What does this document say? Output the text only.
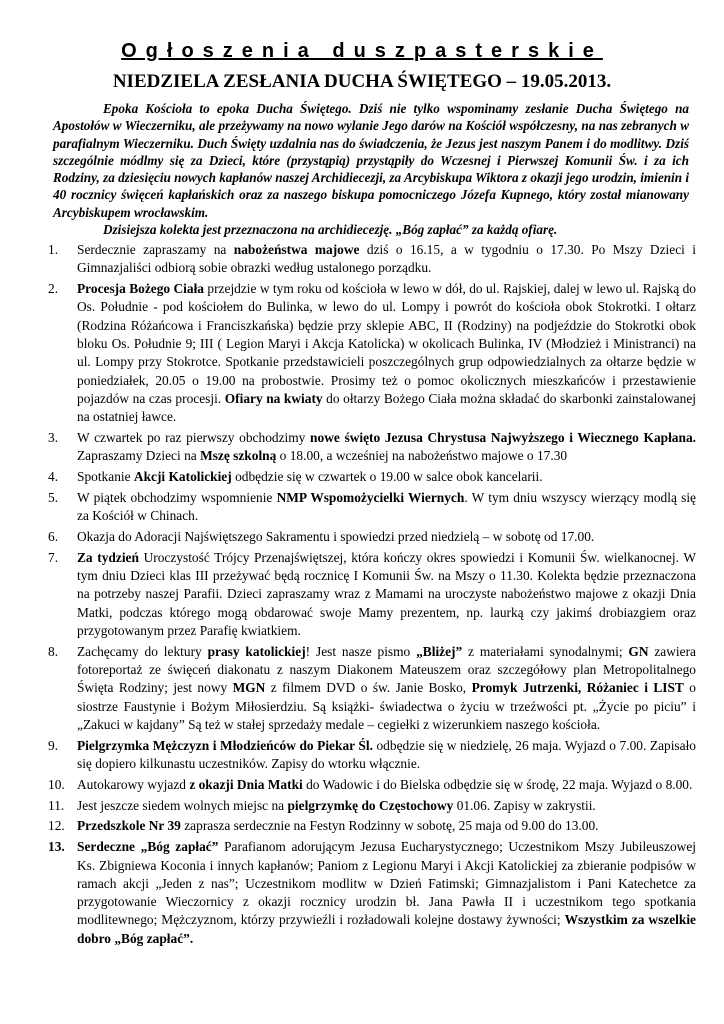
Ogłoszenia duszpasterskie
NIEDZIELA ZESŁANIA DUCHA ŚWIĘTEGO – 19.05.2013.

Epoka Kościoła to epoka Ducha Świętego. Dziś nie tylko wspominamy zesłanie Ducha Świętego na Apostołów w Wieczerniku, ale przeżywamy na nowo wylanie Jego darów na Kościół współczesny, na nas zebranych w parafialnym Wieczerniku. Duch Święty uzdalnia nas do świadczenia, że Jezus jest naszym Panem i do modlitwy. Dziś szczególnie módlmy się za Dzieci, które (przystąpią) przystąpiły do Wczesnej i Pierwszej Komunii Św. i za ich Rodziny, za dziesięciu nowych kapłanów naszej Archidiecezji, za Arcybiskupa Wiktora z okazji jego urodzin, imienin i 40 rocznicy święceń kapłańskich oraz za naszego biskupa pomocniczego Józefa Kupnego, który został mianowany Arcybiskupem wrocławskim.

Dzisiejsza kolekta jest przeznaczona na archidiecezję. „Bóg zapłać” za każdą ofiarę.

1.	Serdecznie zapraszamy na nabożeństwa majowe dziś o 16.15, a w tygodniu o 17.30. Po Mszy Dzieci i Gimnazjaliści odbiorą sobie obrazki według ustalonego porządku.
2.	Procesja Bożego Ciała przejdzie w tym roku od kościoła w lewo w dół, do ul. Rajskiej, dalej w lewo ul. Rajską do Os. Południe - pod kościołem do Bulinka, w lewo do ul. Lompy i powrót do kościoła obok Stokrotki. I ołtarz (Rodzina Różańcowa i Franciszkańska) będzie przy sklepie ABC, II (Rodziny) na podjeździe do Stokrotki obok bloku Os. Południe 9; III ( Legion Maryi i Akcja Katolicka) w okolicach Bulinka, IV (Młodzież i Ministranci) na ul. Lompy przy Stokrotce. Spotkanie przedstawicieli poszczególnych grup odpowiedzialnych za ołtarze będzie w poniedziałek, 20.05 o 19.00 na probostwie. Prosimy też o pomoc okolicznych mieszkańców i przestawienie pojazdów na czas procesji. Ofiary na kwiaty do ołtarzy Bożego Ciała można składać do skarbonki zainstalowanej na ostatniej ławce.
3.	W czwartek po raz pierwszy obchodzimy nowe święto Jezusa Chrystusa Najwyższego i Wiecznego Kapłana. Zapraszamy Dzieci na Mszę szkolną o 18.00, a wcześniej na nabożeństwo majowe o 17.30
4.	Spotkanie Akcji Katolickiej odbędzie się w czwartek o 19.00 w salce obok kancelarii.
5.	W piątek obchodzimy wspomnienie NMP Wspomożycielki Wiernych. W tym dniu wszyscy wierzący modlą się za Kościół w Chinach.
6.	Okazja do Adoracji Najświętszego Sakramentu i spowiedzi przed niedzielą – w sobotę od 17.00.
7.	Za tydzień Uroczystość Trójcy Przenajświętszej, która kończy okres spowiedzi i Komunii Św. wielkanocnej. W tym dniu Dzieci klas III przeżywać będą rocznicę I Komunii Św. na Mszy o 11.30. Kolekta będzie przeznaczona na potrzeby naszej Parafii. Dzieci zapraszamy wraz z Mamami na uroczyste nabożeństwo majowe z okazji Dnia Matki, podczas którego mogą obdarować swoje Mamy prezentem, np. laurką czy jakimś drobiazgiem oraz przygotowanym przez Parafię kwiatkiem.
8.	Zachęcamy do lektury prasy katolickiej! Jest nasze pismo „Bliżej” z materiałami synodalnymi; GN zawiera fotoreportaż ze święceń diakonatu z naszym Diakonem Mateuszem oraz szczegółowy plan Metropolitalnego Święta Rodziny; jest nowy MGN z filmem DVD o św. Janie Bosko, Promyk Jutrzenki, Różaniec i LIST o siostrze Faustynie i Bożym Miłosierdziu. Są książki- świadectwa o życiu w trzeźwości pt. „Życie po piciu” i „Zakuci w kajdany” Są też w stałej sprzedaży medale – cegiełki z wizerunkiem naszego kościoła.
9.	Pielgrzymka Mężczyzn i Młodzieńców do Piekar Śl. odbędzie się w niedzielę, 26 maja. Wyjazd o 7.00. Zapisało się dopiero kilkunastu uczestników. Zapisy do wtorku włącznie.
10. Autokarowy wyjazd z okazji Dnia Matki do Wadowic i do Bielska odbędzie się w środę, 22 maja. Wyjazd o 8.00.
11. Jest jeszcze siedem wolnych miejsc na pielgrzymkę do Częstochowy 01.06. Zapisy w zakrystii.
12. Przedszkole Nr 39 zaprasza serdecznie na Festyn Rodzinny w sobotę, 25 maja od 9.00 do 13.00.
13. Serdeczne „Bóg zapłać” Parafianom adorującym Jezusa Eucharystycznego; Uczestnikom Mszy Jubileuszowej Ks. Zbigniewa Koconia i innych kapłanów; Paniom z Legionu Maryi i Akcji Katolickiej za zbieranie podpisów w ramach akcji „Jeden z nas”; Uczestnikom modlitw w Dzień Fatimski; Gimnazjalistom i Pani Katechetce za przygotowanie Wieczornicy z okazji rocznicy urodzin bł. Jana Pawła II i uczestnikom tego spotkania modlitewnego; Mężczyznom, którzy przywieźli i rozładowali kolejne dostawy żywności; Wszystkim za wszelkie dobro „Bóg zapłać”.
